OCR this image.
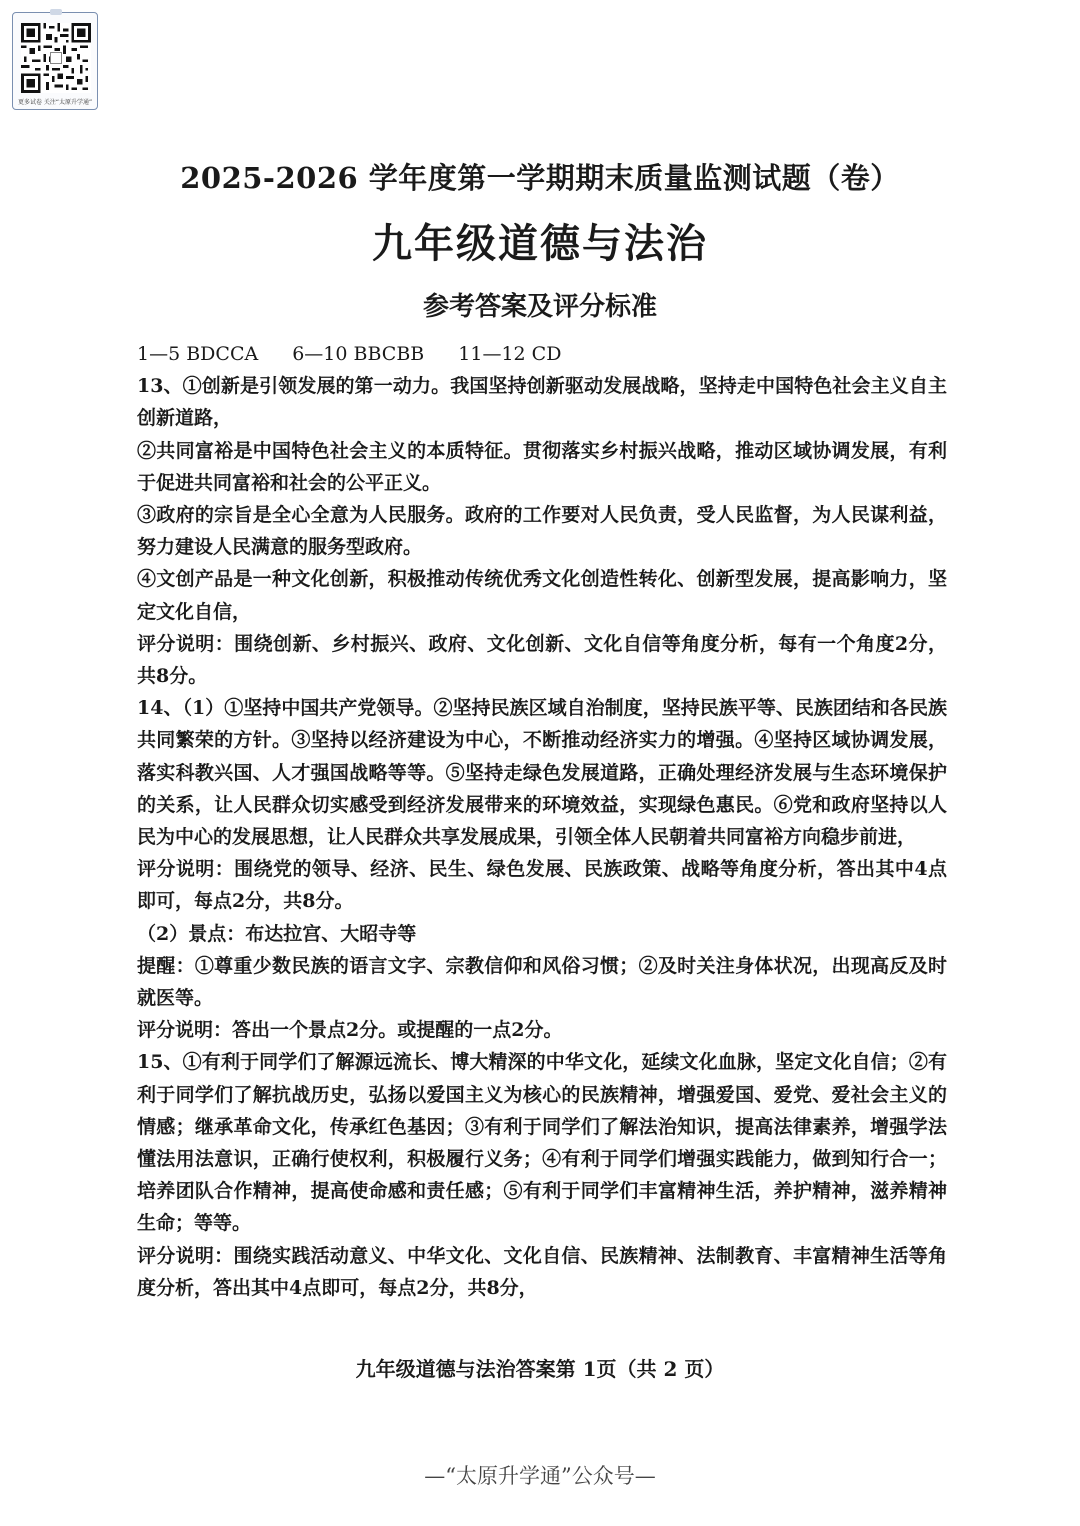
更多试卷 关注“太原升学通”
2025-2026 学年度第一学期期末质量监测试题（卷）
九年级道德与法治
参考答案及评分标准

1—5 BDCCA 6—10 BBCBB 11—12 CD

13、①创新是引领发展的第一动力。我国坚持创新驱动发展战略，坚持走中国特色社会主义自主创新道路，

②共同富裕是中国特色社会主义的本质特征。贯彻落实乡村振兴战略，推动区域协调发展，有利于促进共同富裕和社会的公平正义。

③政府的宗旨是全心全意为人民服务。政府的工作要对人民负责，受人民监督，为人民谋利益，努力建设人民满意的服务型政府。

④文创产品是一种文化创新，积极推动传统优秀文化创造性转化、创新型发展，提高影响力，坚定文化自信，

评分说明：围绕创新、乡村振兴、政府、文化创新、文化自信等角度分析，每有一个角度2分，共8分。

14、（1）①坚持中国共产党领导。②坚持民族区域自治制度，坚持民族平等、民族团结和各民族共同繁荣的方针。③坚持以经济建设为中心，不断推动经济实力的增强。④坚持区域协调发展，落实科教兴国、人才强国战略等等。⑤坚持走绿色发展道路，正确处理经济发展与生态环境保护的关系，让人民群众切实感受到经济发展带来的环境效益，实现绿色惠民。⑥党和政府坚持以人民为中心的发展思想，让人民群众共享发展成果，引领全体人民朝着共同富裕方向稳步前进，

评分说明：围绕党的领导、经济、民生、绿色发展、民族政策、战略等角度分析，答出其中4点即可，每点2分，共8分。

（2）景点：布达拉宫、大昭寺等

提醒：①尊重少数民族的语言文字、宗教信仰和风俗习惯；②及时关注身体状况，出现高反及时就医等。

评分说明：答出一个景点2分。或提醒的一点2分。

15、①有利于同学们了解源远流长、博大精深的中华文化，延续文化血脉，坚定文化自信；②有利于同学们了解抗战历史，弘扬以爱国主义为核心的民族精神，增强爱国、爱党、爱社会主义的情感；继承革命文化，传承红色基因；③有利于同学们了解法治知识，提高法律素养，增强学法懂法用法意识，正确行使权利，积极履行义务；④有利于同学们增强实践能力，做到知行合一；培养团队合作精神，提高使命感和责任感；⑤有利于同学们丰富精神生活，养护精神，滋养精神生命；等等。

评分说明：围绕实践活动意义、中华文化、文化自信、民族精神、法制教育、丰富精神生活等角度分析，答出其中4点即可，每点2分，共8分，

九年级道德与法治答案第 1页（共 2 页）
—“太原升学通”公众号—
